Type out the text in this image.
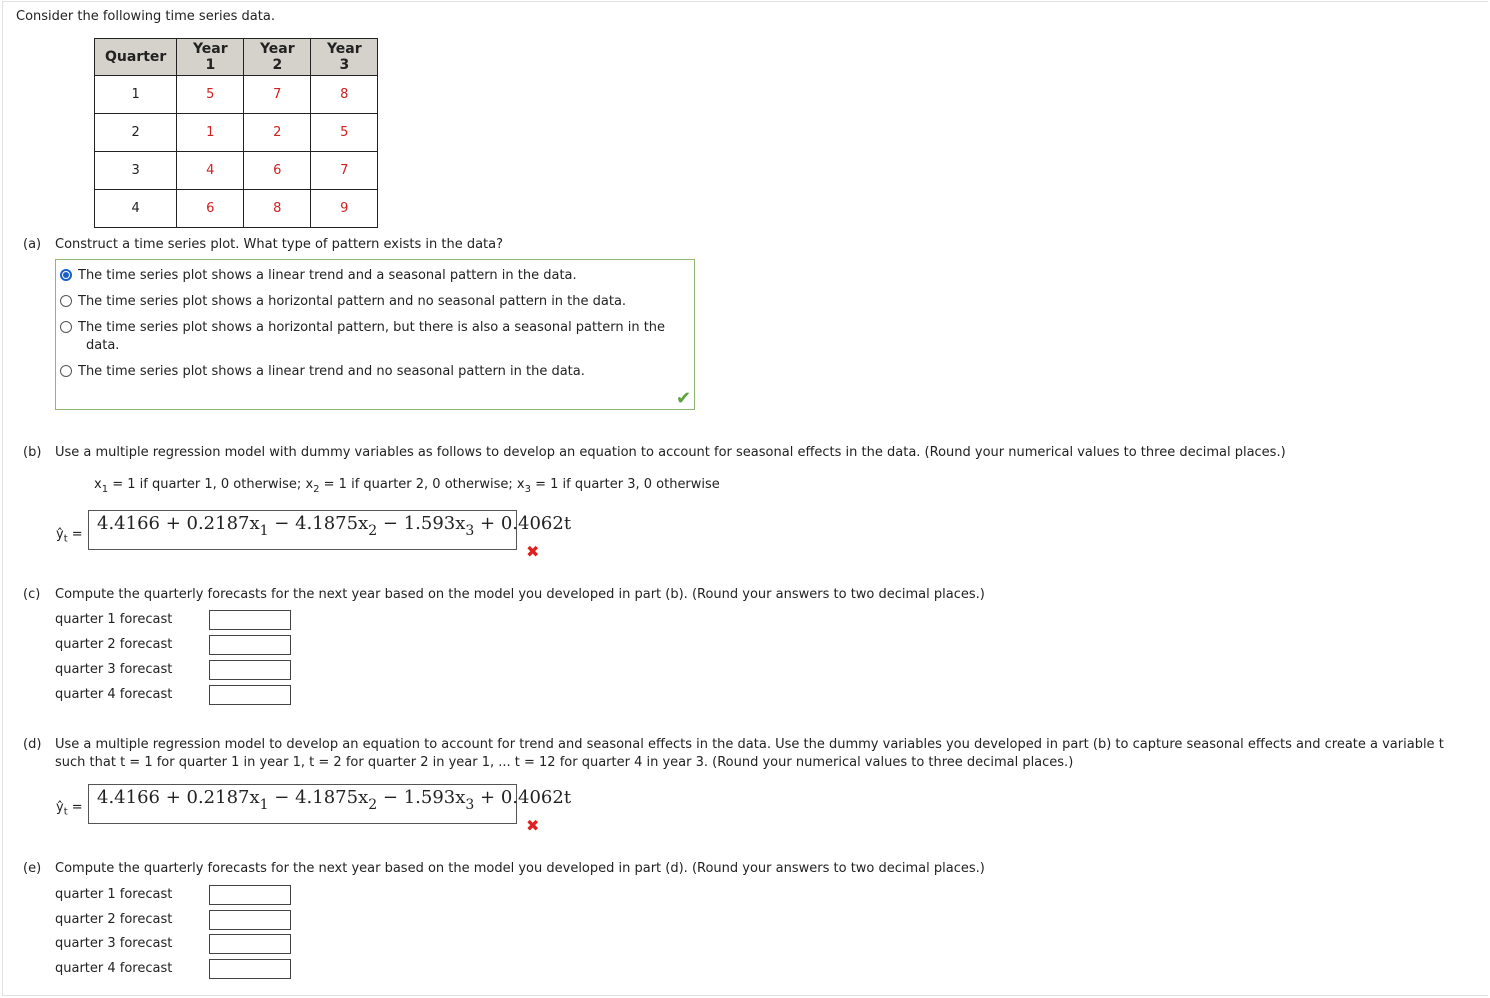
Consider the following time series data.
Quarter	Year 1	Year 2	Year 3
1	5	7	8
2	1	2	5
3	4	6	7
4	6	8	9
(a) Construct a time series plot. What type of pattern exists in the data?
The time series plot shows a linear trend and a seasonal pattern in the data.
The time series plot shows a horizontal pattern and no seasonal pattern in the data.
The time series plot shows a horizontal pattern, but there is also a seasonal pattern in the
data.
The time series plot shows a linear trend and no seasonal pattern in the data.
✔
(b) Use a multiple regression model with dummy variables as follows to develop an equation to account for seasonal effects in the data. (Round your numerical values to three decimal places.)
$x_1 = 1$ if quarter 1, 0 otherwise; $x_2 = 1$ if quarter 2, 0 otherwise; $x_3 = 1$ if quarter 3, 0 otherwise
$ŷ_t$ =
$4.4166 + 0.2187x_1 - 4.1875x_2 - 1.593x_3 + 0.4062t$
✖
(c) Compute the quarterly forecasts for the next year based on the model you developed in part (b). (Round your answers to two decimal places.)
quarter 1 forecast
quarter 2 forecast
quarter 3 forecast
quarter 4 forecast
(d) Use a multiple regression model to develop an equation to account for trend and seasonal effects in the data. Use the dummy variables you developed in part (b) to capture seasonal effects and create a variable t
such that t = 1 for quarter 1 in year 1, t = 2 for quarter 2 in year 1, ... t = 12 for quarter 4 in year 3. (Round your numerical values to three decimal places.)
$ŷ_t = 4.4166 + 0.2187x_1 - 4.1875x_2 - 1.593x_3 + 0.4062t$
✖
(e) Compute the quarterly forecasts for the next year based on the model you developed in part (d). (Round your answers to two decimal places.)
quarter 1 forecast
quarter 2 forecast
quarter 3 forecast
quarter 4 forecast
